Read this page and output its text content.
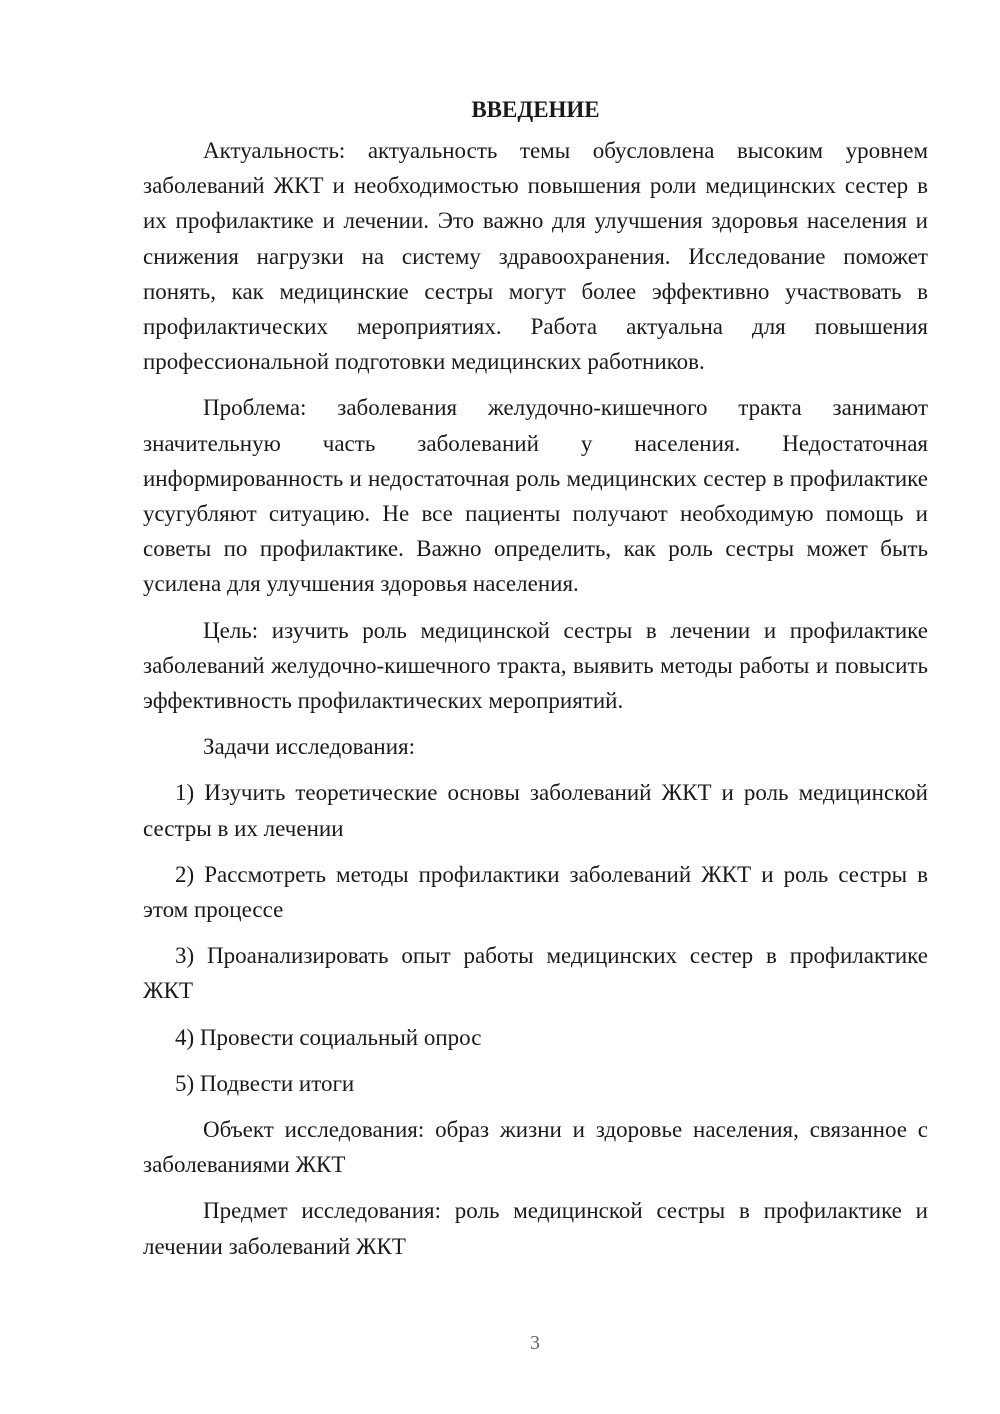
ВВЕДЕНИЕ

Актуальность: актуальность темы обусловлена высоким уровнем заболеваний ЖКТ и необходимостью повышения роли медицинских сестер в их профилактике и лечении. Это важно для улучшения здоровья населения и снижения нагрузки на систему здравоохранения. Исследование поможет понять, как медицинские сестры могут более эффективно участвовать в профилактических мероприятиях. Работа актуальна для повышения профессиональной подготовки медицинских работников.

Проблема: заболевания желудочно-кишечного тракта занимают значительную часть заболеваний у населения. Недостаточная информированность и недостаточная роль медицинских сестер в профилактике усугубляют ситуацию. Не все пациенты получают необходимую помощь и советы по профилактике. Важно определить, как роль сестры может быть усилена для улучшения здоровья населения.

Цель: изучить роль медицинской сестры в лечении и профилактике заболеваний желудочно-кишечного тракта, выявить методы работы и повысить эффективность профилактических мероприятий.

Задачи исследования:

1) Изучить теоретические основы заболеваний ЖКТ и роль медицинской сестры в их лечении

2) Рассмотреть методы профилактики заболеваний ЖКТ и роль сестры в этом процессе

3) Проанализировать опыт работы медицинских сестер в профилактике ЖКТ

4) Провести социальный опрос

5) Подвести итоги

Объект исследования: образ жизни и здоровье населения, связанное с заболеваниями ЖКТ

Предмет исследования: роль медицинской сестры в профилактике и лечении заболеваний ЖКТ

3
